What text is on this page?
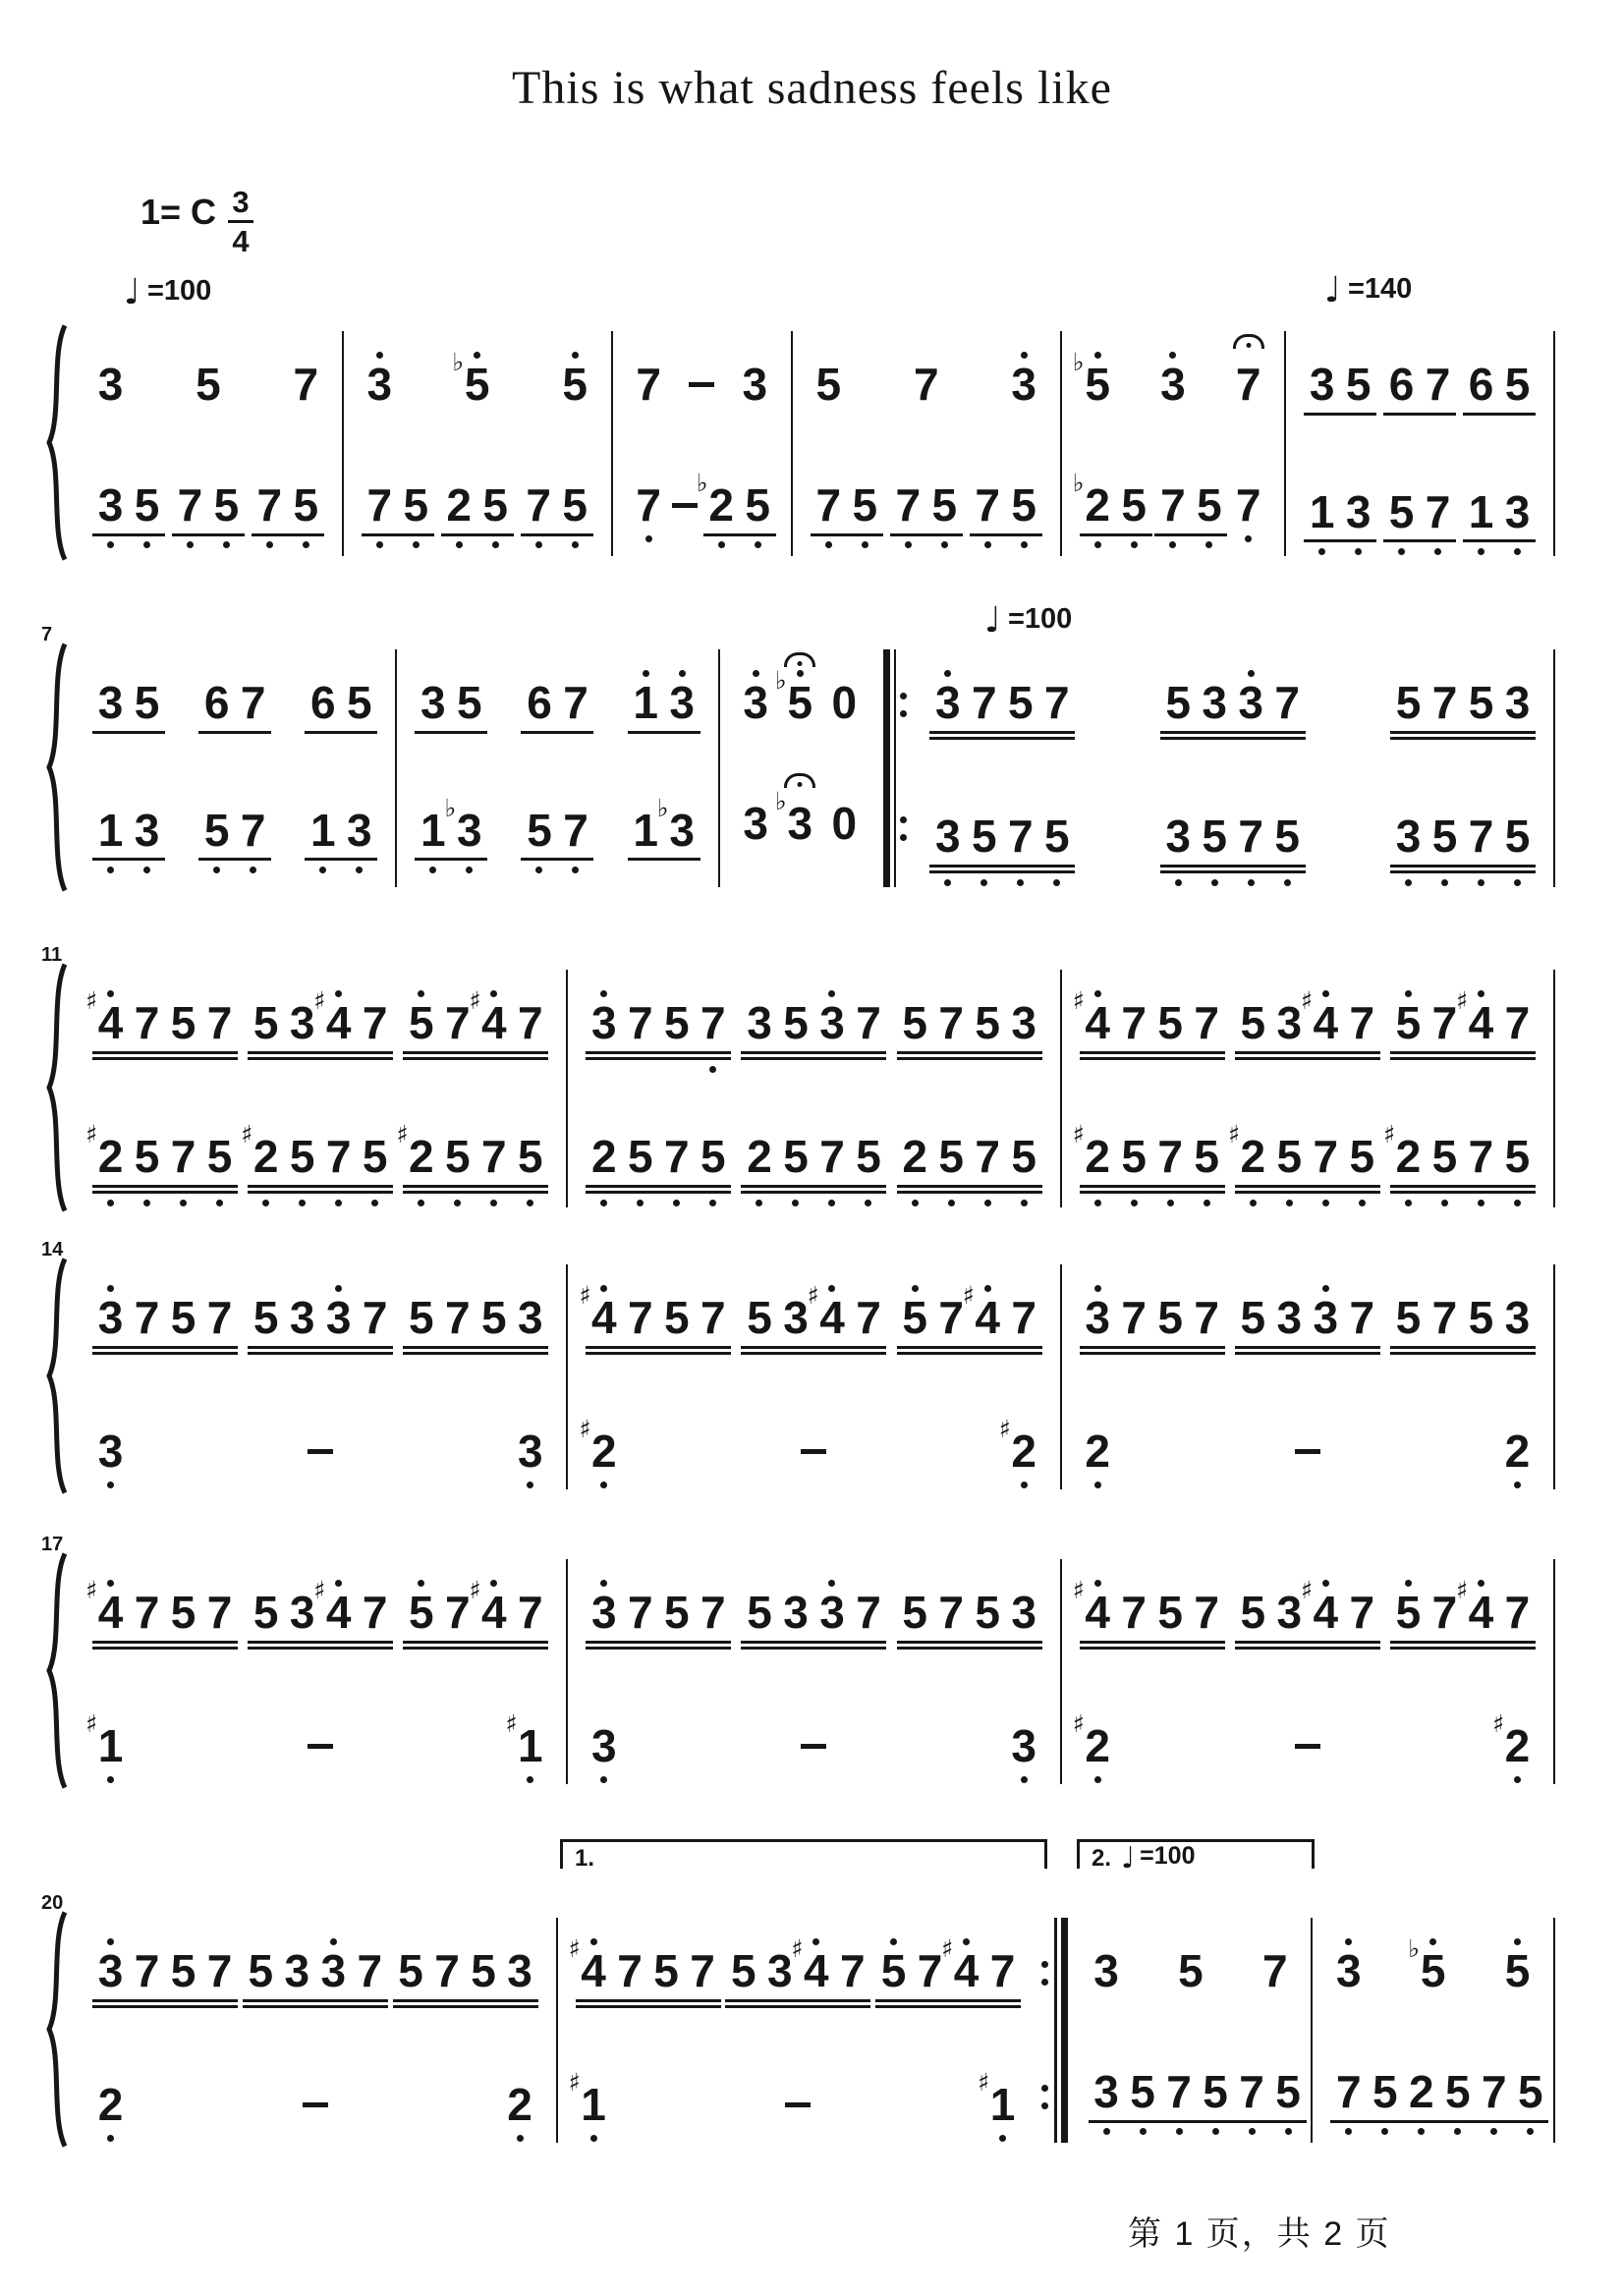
This is what sadness feels like
1= C $\frac{3}{4}$
♩ =100	♩ =140
♩ =100
1.	2. ♩ =100
第 1 页，共 2 页
3 5 7
3 5 7 5 7 5
3 5
♭ 5
7 5 2 5 7 5
7 3
7 2
♭ 5
5 7 3
7 5 7 5 7 5
5
♭ 3 7
2
♭ 5 7 5 7
3 5 6 7 6 5
1 3 5 7 1 3
7
3 5 6 7 6 5
1 3 5 7 1 3
3 5 6 7 1 3
1 3
♭ 5 7 1 3
♭
3 5
♭ 0
3 3
♭ 0
3 7 5 7 5 3 3 7 5 7 5 3
3 5 7 5 3 5 7 5 3 5 7 5
11
4
♯ 7 5 7 5 3 4
♯ 7 5 7 4
♯ 7
2
♯ 5 7 5 2
♯ 5 7 5 2
♯ 5 7 5
3 7 5 7 3 5 3 7 5 7 5 3
2 5 7 5 2 5 7 5 2 5 7 5
4
♯ 7 5 7 5 3 4
♯ 7 5 7 4
♯ 7
2
♯ 5 7 5 2
♯ 5 7 5 2
♯ 5 7 5
14
3 7 5 7 5 3 3 7 5 7 5 3
3	3
4
♯ 7 5 7 5 3 4
♯ 7 5 7 4
♯ 7
2
♯	2
♯
3 7 5 7 5 3 3 7 5 7 5 3
2	2
17
4
♯ 7 5 7 5 3 4
♯ 7 5 7 4
♯ 7
1
♯	1
♯
3 7 5 7 5 3 3 7 5 7 5 3
3	3
4
♯ 7 5 7 5 3 4
♯ 7 5 7 4
♯ 7
2
♯	2
♯
20
3 7 5 7 5 3 3 7 5 7 5 3
2	2
4
♯ 7 5 7 5 3 4
♯ 7 5 7 4
♯ 7
1
♯	1
♯
3 5 7
3 5 7 5 7 5
3 5
♭ 5
7 5 2 5 7 5
